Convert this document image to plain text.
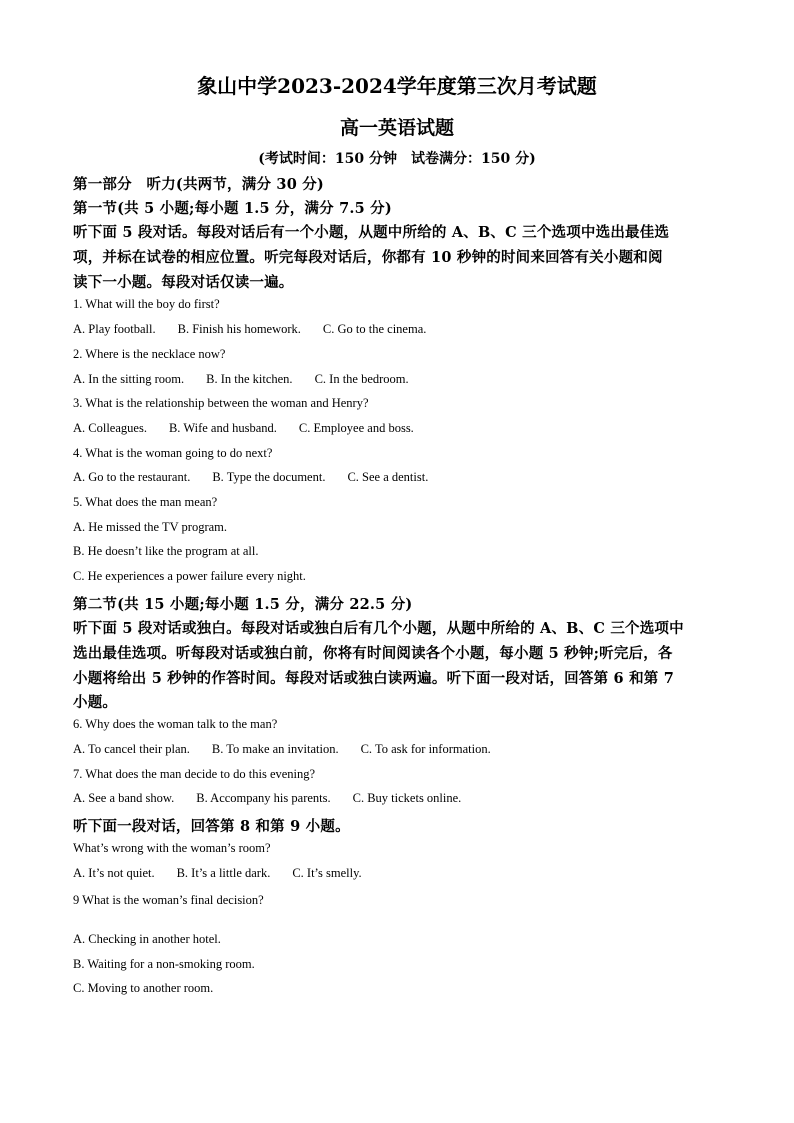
象山中学2023-2024学年度第三次月考试题
高一英语试题
(考试时间：150 分钟　试卷满分：150 分)
第一部分　听力(共两节，满分 30 分)
第一节(共 5 小题;每小题 1.5 分，满分 7.5 分)
听下面 5 段对话。每段对话后有一个小题，从题中所给的 A、B、C 三个选项中选出最佳选
项，并标在试卷的相应位置。听完每段对话后，你都有 10 秒钟的时间来回答有关小题和阅
读下一小题。每段对话仅读一遍。
1. What will the boy do first?
A. Play football. B. Finish his homework. C. Go to the cinema.
2. Where is the necklace now?
A. In the sitting room. B. In the kitchen. C. In the bedroom.
3. What is the relationship between the woman and Henry?
A. Colleagues. B. Wife and husband. C. Employee and boss.
4. What is the woman going to do next?
A. Go to the restaurant. B. Type the document. C. See a dentist.
5. What does the man mean?
A. He missed the TV program.
B. He doesn’t like the program at all.
C. He experiences a power failure every night.
第二节(共 15 小题;每小题 1.5 分，满分 22.5 分)
听下面 5 段对话或独白。每段对话或独白后有几个小题，从题中所给的 A、B、C 三个选项中
选出最佳选项。听每段对话或独白前，你将有时间阅读各个小题，每小题 5 秒钟;听完后，各
小题将给出 5 秒钟的作答时间。每段对话或独白读两遍。听下面一段对话，回答第 6 和第 7
小题。
6. Why does the woman talk to the man?
A. To cancel their plan. B. To make an invitation. C. To ask for information.
7. What does the man decide to do this evening?
A. See a band show. B. Accompany his parents. C. Buy tickets online.
听下面一段对话，回答第 8 和第 9 小题。
What’s wrong with the woman’s room?
A. It’s not quiet. B. It’s a little dark. C. It’s smelly.
9 What is the woman’s final decision?
A. Checking in another hotel.
B. Waiting for a non-smoking room.
C. Moving to another room.
